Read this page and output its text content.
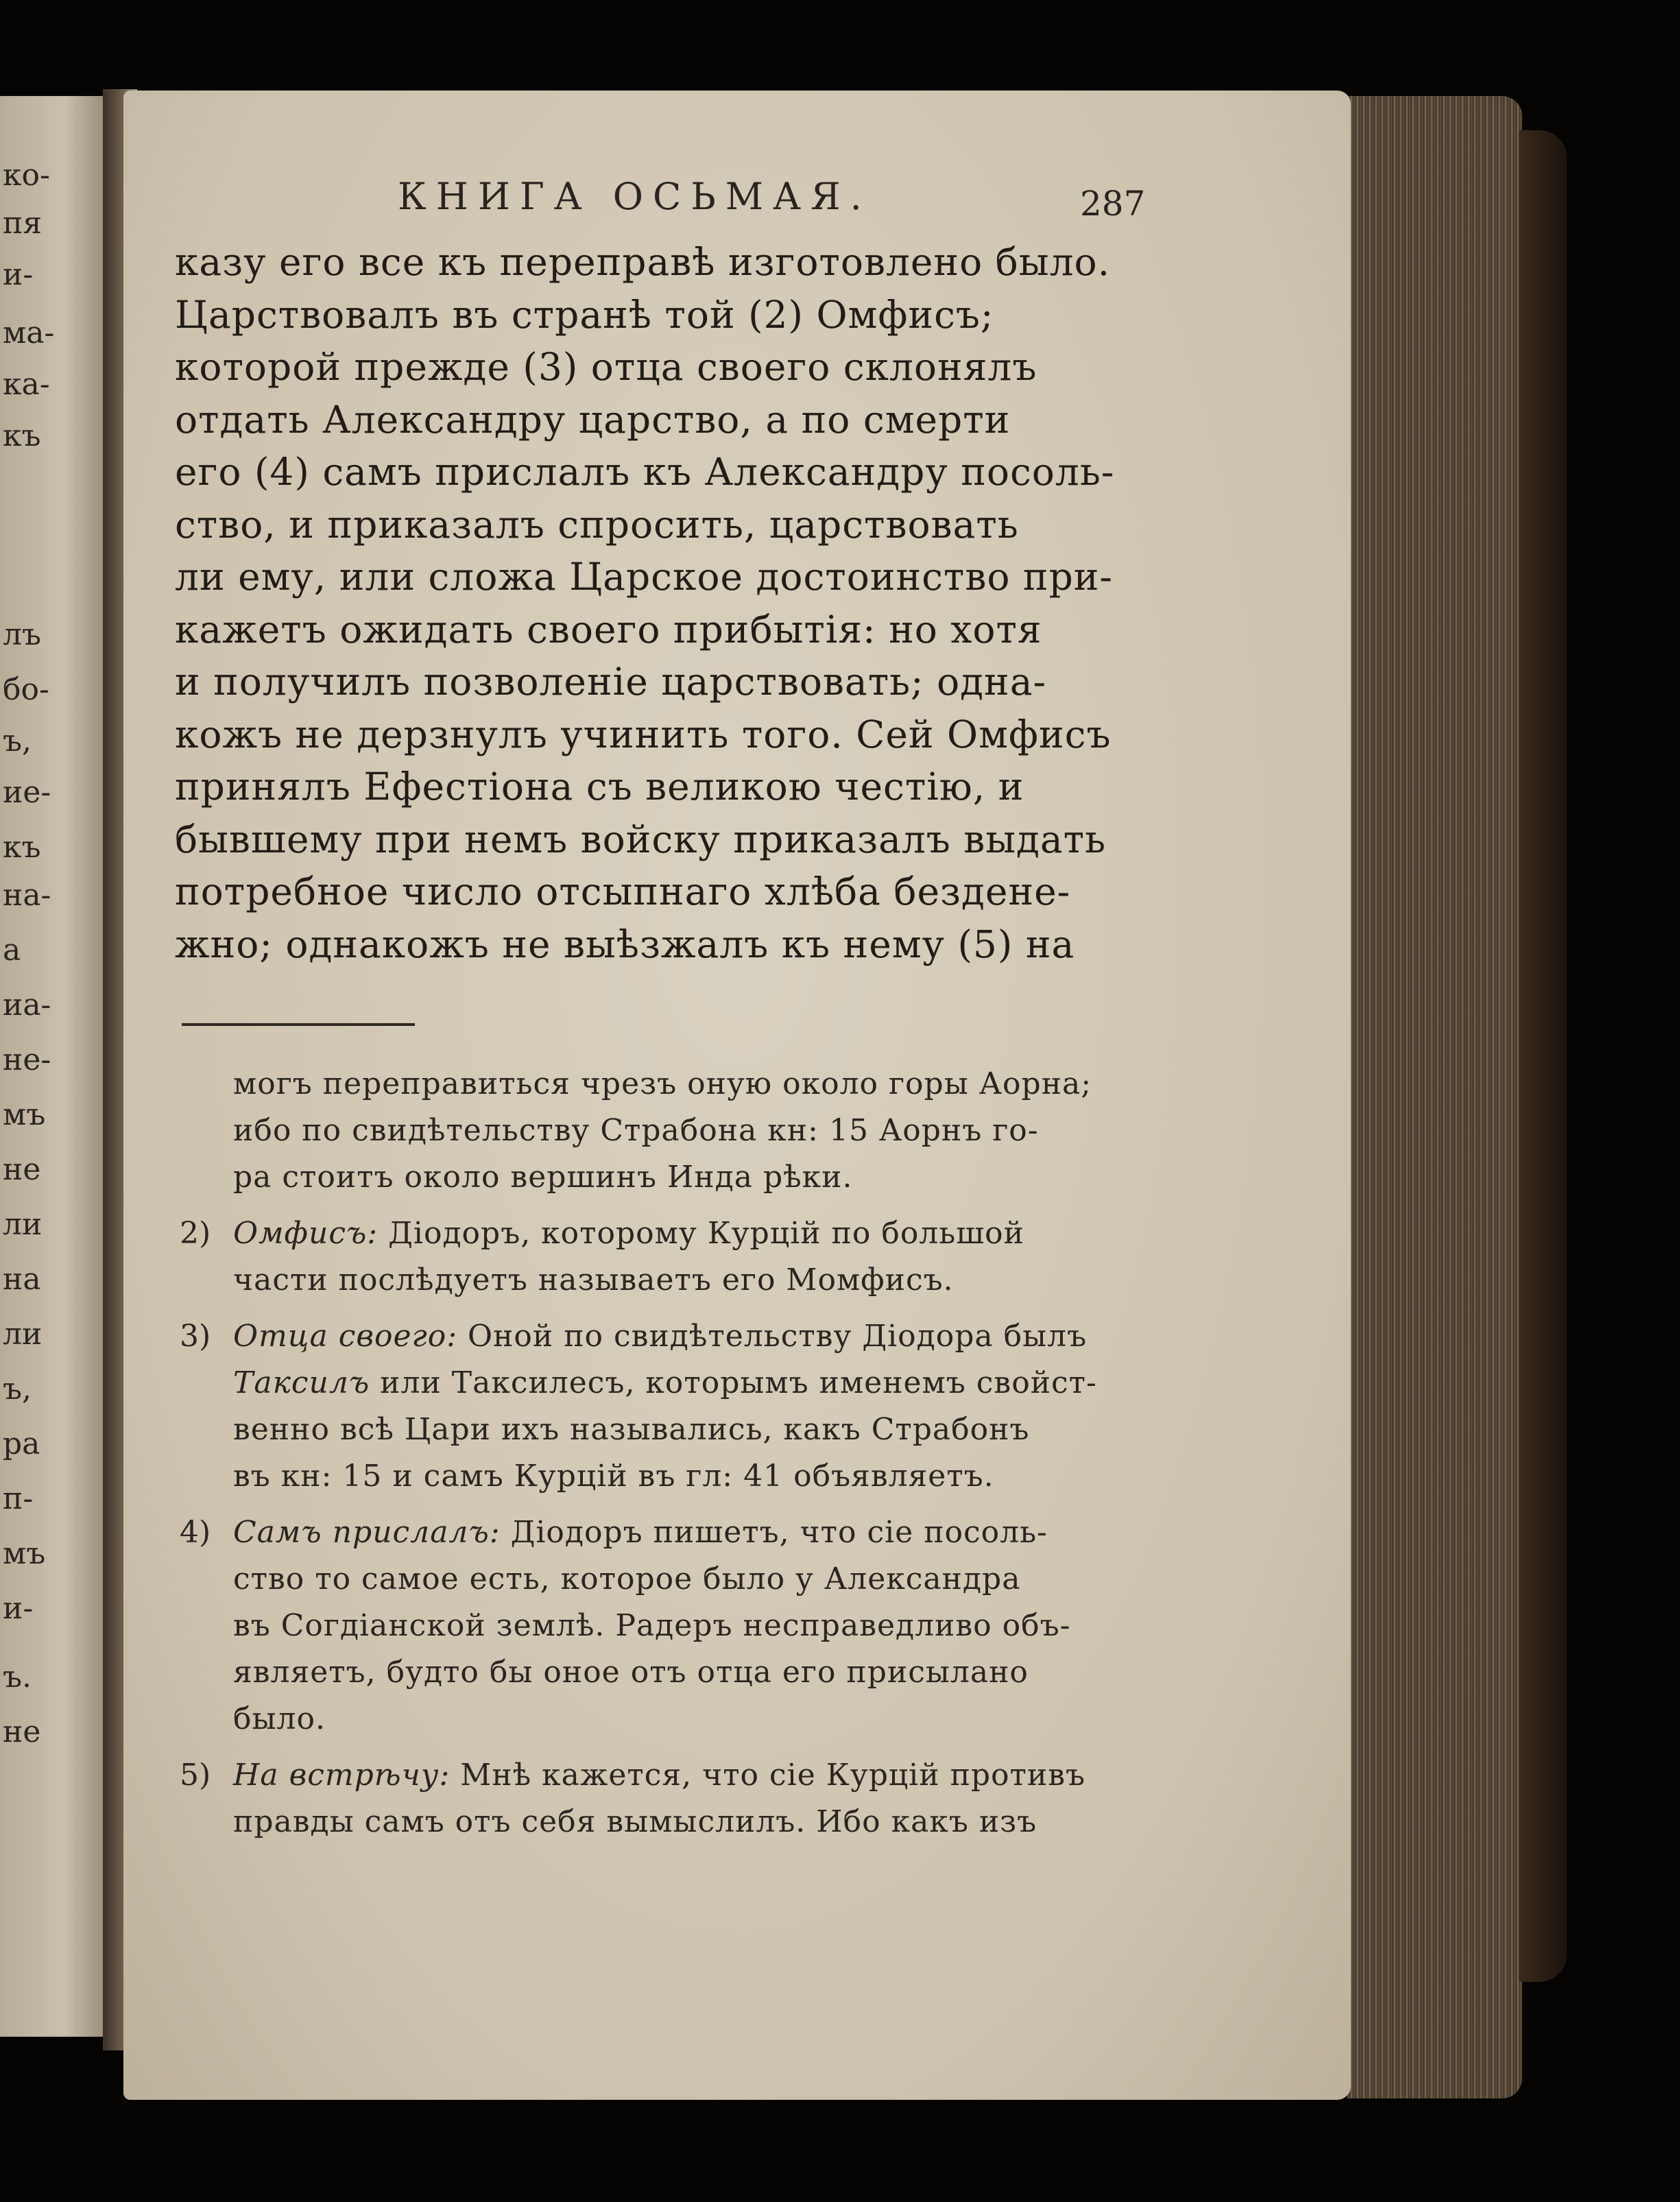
ко-
пя
и-
ма-
ка-
къ
лъ
бо-
ъ,
ие-
къ
на-
а
иа-
не-
мъ
не
ли
на
ли
ъ,
ра
п-
мъ
и-
ъ.
не
КНИГА ОСЬМАЯ.	287
казу его все къ переправѣ изготовлено было.
Царствовалъ въ странѣ той (2) Омфисъ;
которой прежде (3) отца своего склонялъ
отдать Александру царство, а по смерти
его (4) самъ прислалъ къ Александру посоль-
ство, и приказалъ спросить, царствовать
ли ему, или сложа Царское достоинство при-
кажетъ ожидать своего прибытія: но хотя
и получилъ позволеніе царствовать; одна-
кожъ не дерзнулъ учинить того. Сей Омфисъ
принялъ Ефестіона съ великою честію, и
бывшему при немъ войску приказалъ выдать
потребное число отсыпнаго хлѣба бездене-
жно; однакожъ не выѣзжалъ къ нему (5) на
могъ переправиться чрезъ оную около горы Аорна;
ибо по свидѣтельству Страбона кн: 15 Аорнъ го-
ра стоитъ около вершинъ Инда рѣки.
2) Омфисъ: Діодоръ, которому Курцій по большой
части послѣдуетъ называетъ его Момфисъ.
3) Отца своего: Оной по свидѣтельству Діодора былъ
Таксилъ или Таксилесъ, которымъ именемъ свойст-
венно всѣ Цари ихъ назывались, какъ Страбонъ
въ кн: 15 и самъ Курцій въ гл: 41 объявляетъ.
4) Самъ прислалъ: Діодоръ пишетъ, что сіе посоль-
ство то самое есть, которое было у Александра
въ Согдіанской землѣ. Радеръ несправедливо объ-
являетъ, будто бы оное отъ отца его присылано
было.
5) На встрѣчу: Мнѣ кажется, что сіе Курцій противъ
правды самъ отъ себя вымыслилъ. Ибо какъ изъ
